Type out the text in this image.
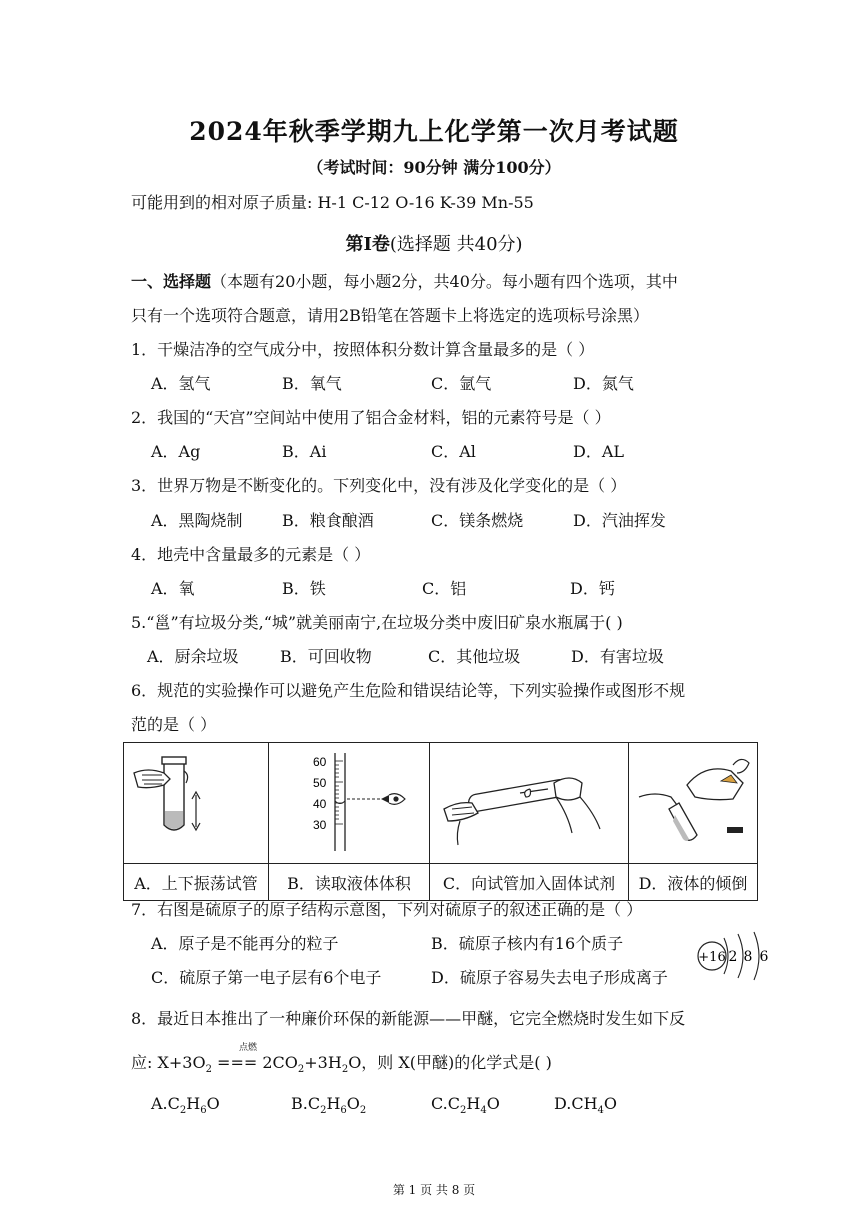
2024年秋季学期九上化学第一次月考试题
（考试时间：90分钟 满分100分）
可能用到的相对原子质量: H-1 C-12 O-16 K-39 Mn-55
第Ⅰ卷(选择题 共40分)
一、选择题（本题有20小题，每小题2分，共40分。每小题有四个选项，其中
只有一个选项符合题意，请用2B铅笔在答题卡上将选定的选项标号涂黑）
1．干燥洁净的空气成分中，按照体积分数计算含量最多的是（ ）
A．氢气	B．氧气	C．氩气	D．氮气
2．我国的“天宫”空间站中使用了铝合金材料，铝的元素符号是（ ）
A．Ag	B．Ai	C．Al	D．AL
3．世界万物是不断变化的。下列变化中，没有涉及化学变化的是（ ）
A．黑陶烧制 B．粮食酿酒	C．镁条燃烧	D．汽油挥发
4．地壳中含量最多的元素是（ ）
A．氧	B．铁	C．铝	D．钙
5.“邕”有垃圾分类,“城”就美丽南宁,在垃圾分类中废旧矿泉水瓶属于( )
A．厨余垃圾	B．可回收物	C．其他垃圾	D．有害垃圾
6．规范的实验操作可以避免产生危险和错误结论等，下列实验操作或图形不规
范的是（ ）

60
50
40
30

A．上下振荡试管	B．读取液体体积	C．向试管加入固体试剂	D．液体的倾倒
7．右图是硫原子的原子结构示意图，下列对硫原子的叙述正确的是（ ）
A．原子是不能再分的粒子	B．硫原子核内有16个质子
C．硫原子第一电子层有6个电子	D．硫原子容易失去电子形成离子
+16 2 8 6
8．最近日本推出了一种廉价环保的新能源——甲醚，它完全燃烧时发生如下反
点燃
应: $X+3O_2$ === $2CO_2+3H_2O$，则 X(甲醚)的化学式是( )
$A.C_2H_6O$	$B.C_2H_6O_2$	$C.C_2H_4O$	$D.CH_4O$
第 1 页 共 8 页
